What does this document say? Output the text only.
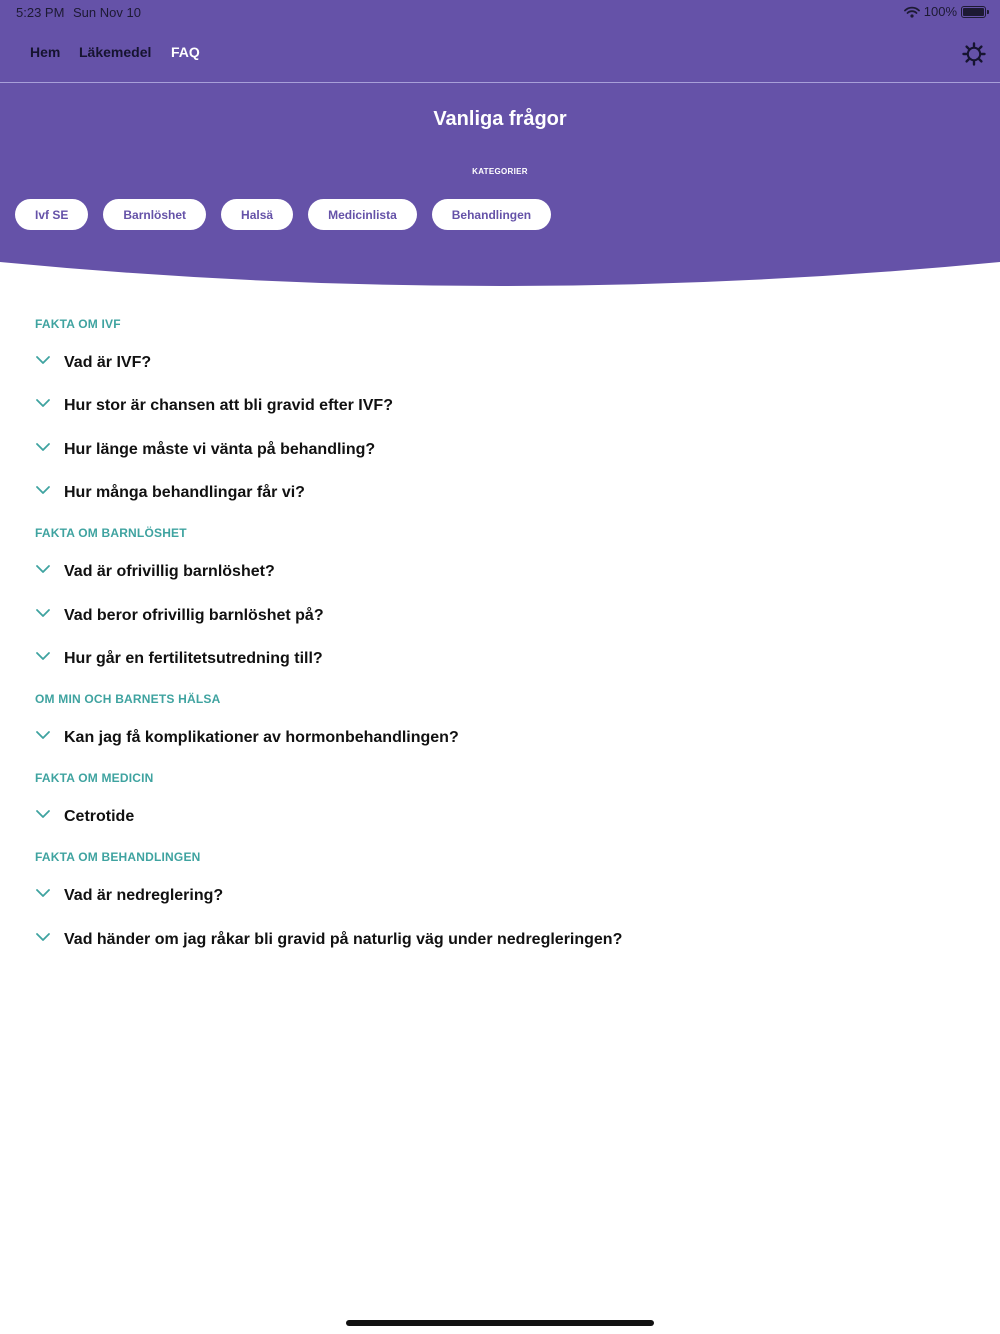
5:23 PM Sun Nov 10	100%
Hem Läkemedel FAQ
Vanliga frågor
KATEGORIER
Ivf SE	Barnlöshet	Halsä	Medicinlista	Behandlingen
FAKTA OM IVF
Vad är IVF?
Hur stor är chansen att bli gravid efter IVF?
Hur länge måste vi vänta på behandling?
Hur många behandlingar får vi?
FAKTA OM BARNLÖSHET
Vad är ofrivillig barnlöshet?
Vad beror ofrivillig barnlöshet på?
Hur går en fertilitetsutredning till?
OM MIN OCH BARNETS HÄLSA
Kan jag få komplikationer av hormonbehandlingen?
FAKTA OM MEDICIN
Cetrotide
FAKTA OM BEHANDLINGEN
Vad är nedreglering?
Vad händer om jag råkar bli gravid på naturlig väg under nedregleringen?
